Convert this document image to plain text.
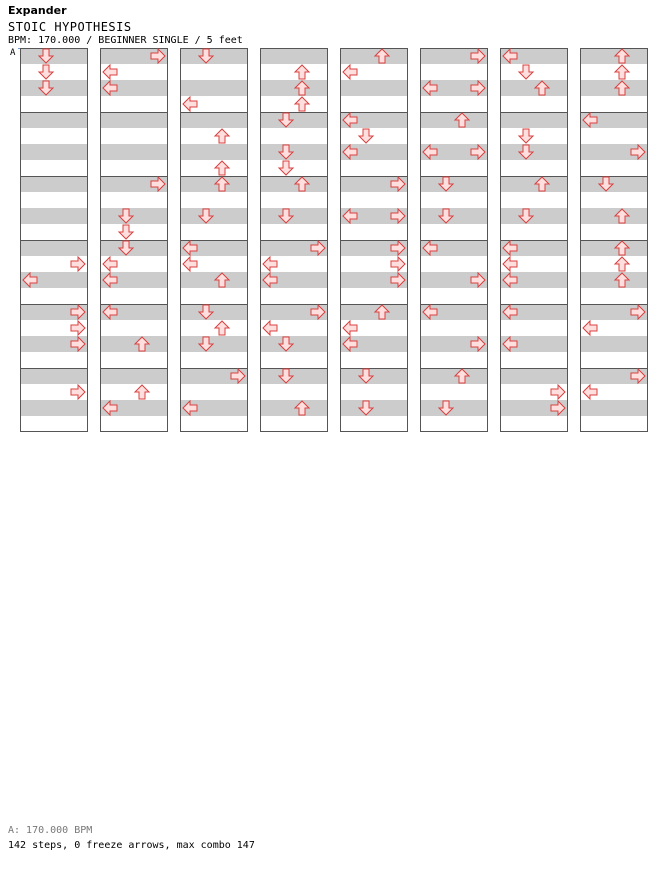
Expander
STOIC HYPOTHESIS
BPM: 170.000 / BEGINNER SINGLE / 5 feet
A
A: 170.000 BPM
142 steps, 0 freeze arrows, max combo 147
